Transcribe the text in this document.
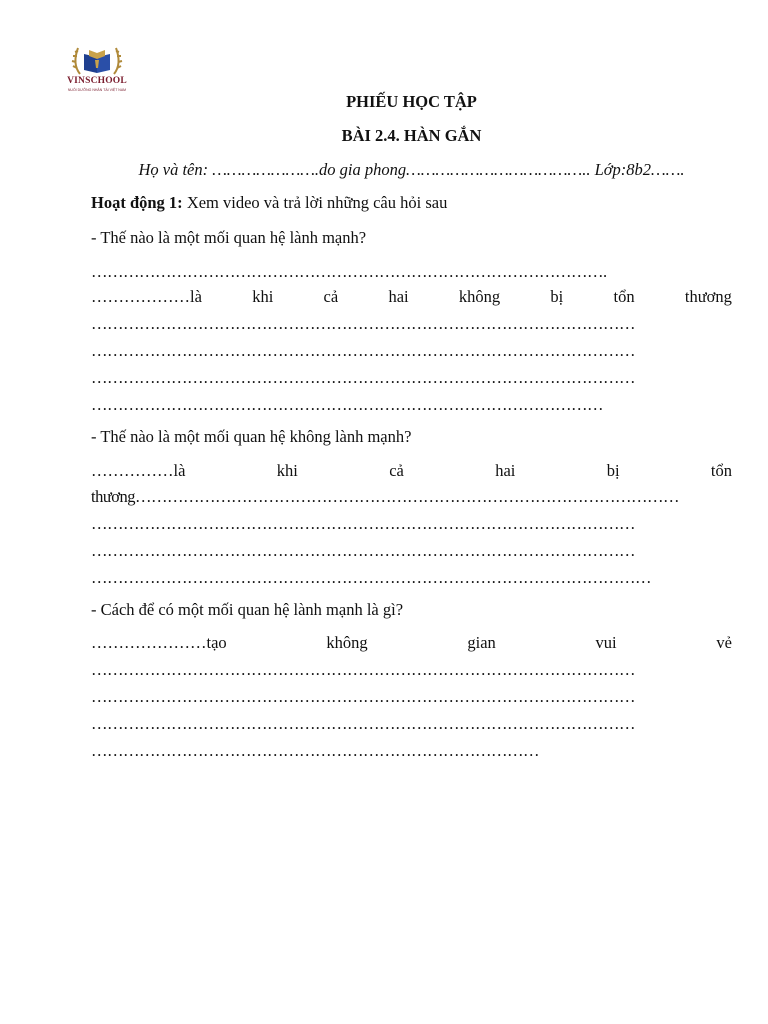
VINSCHOOL
NUÔI DƯỠNG NHÂN TÀI VIỆT NAM
PHIẾU HỌC TẬP
BÀI 2.4. HÀN GẮN
Họ và tên: ………………….do gia phong……………………………….. Lớp:8b2…….
Hoạt động 1: Xem video và trả lời những câu hỏi sau
- Thế nào là một mối quan hệ lành mạnh?
…………………………………………………………………………………….
………………là	khi	cả	hai	không	bị	tổn	thương
…………………………………………………………………………………………
…………………………………………………………………………………………
…………………………………………………………………………………………
……………………………………………………………………………………
- Thế nào là một mối quan hệ không lành mạnh?
……………là	khi	cả	hai	bị	tổn
thương…………………………………………………………………………………………
…………………………………………………………………………………………
…………………………………………………………………………………………
……………………………………………………………………………………………
- Cách để có một mối quan hệ lành mạnh là gì?
…………………tạo	không	gian	vui	vẻ
…………………………………………………………………………………………
…………………………………………………………………………………………
…………………………………………………………………………………………
…………………………………………………………………………
